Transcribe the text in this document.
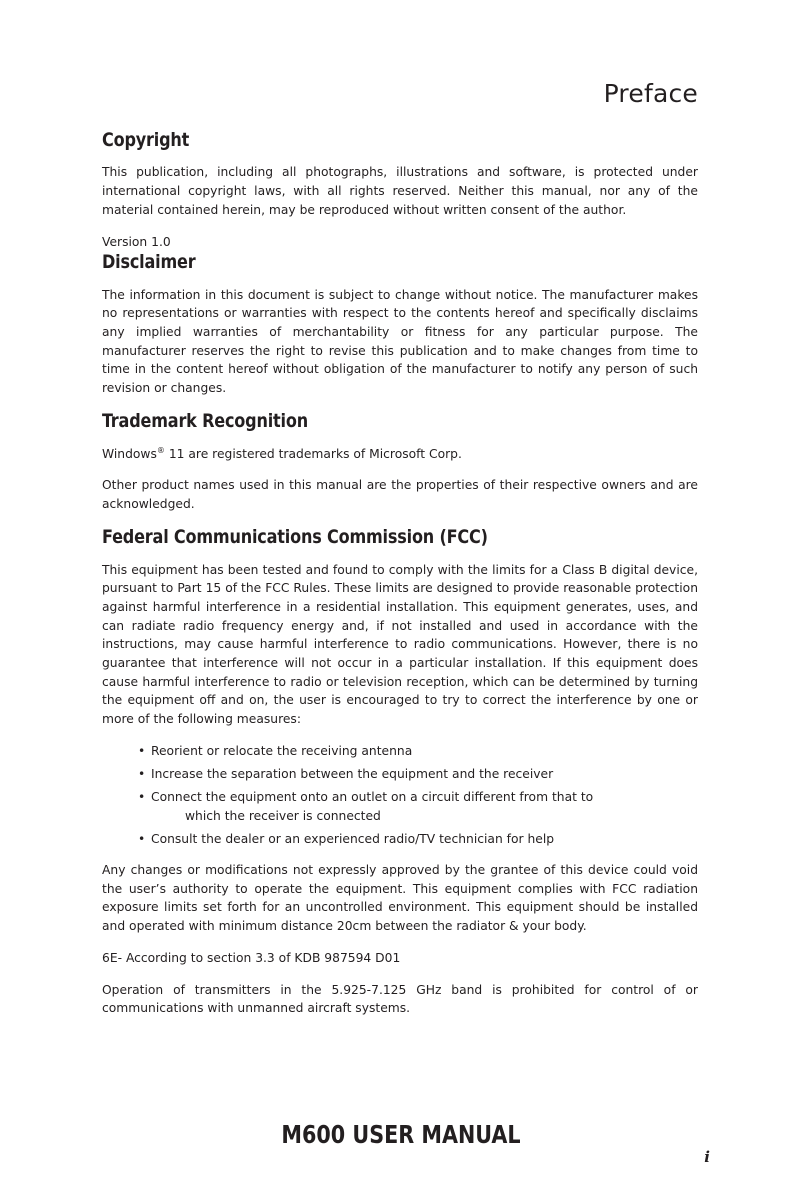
Preface
Copyright

This publication, including all photographs, illustrations and software, is protected under international copyright laws, with all rights reserved. Neither this manual, nor any of the material contained herein, may be reproduced without written consent of the author.

Version 1.0

Disclaimer

The information in this document is subject to change without notice. The manufacturer makes no representations or warranties with respect to the contents hereof and specifically disclaims any implied warranties of merchantability or fitness for any particular purpose. The manufacturer reserves the right to revise this publication and to make changes from time to time in the content hereof without obligation of the manufacturer to notify any person of such revision or changes.

Trademark Recognition

Windows® 11 are registered trademarks of Microsoft Corp.

Other product names used in this manual are the properties of their respective owners and are acknowledged.

Federal Communications Commission (FCC)

This equipment has been tested and found to comply with the limits for a Class B digital device, pursuant to Part 15 of the FCC Rules. These limits are designed to provide reasonable protection against harmful interference in a residential installation. This equipment generates, uses, and can radiate radio frequency energy and, if not installed and used in accordance with the instructions, may cause harmful interference to radio communications. However, there is no guarantee that interference will not occur in a particular installation. If this equipment does cause harmful interference to radio or television reception, which can be determined by turning the equipment off and on, the user is encouraged to try to correct the interference by one or more of the following measures:

• Reorient or relocate the receiving antenna
• Increase the separation between the equipment and the receiver
• Connect the equipment onto an outlet on a circuit different from that to
which the receiver is connected
• Consult the dealer or an experienced radio/TV technician for help

Any changes or modifications not expressly approved by the grantee of this device could void the user’s authority to operate the equipment. This equipment complies with FCC radiation exposure limits set forth for an uncontrolled environment. This equipment should be installed and operated with minimum distance 20cm between the radiator & your body.

6E- According to section 3.3 of KDB 987594 D01

Operation of transmitters in the 5.925-7.125 GHz band is prohibited for control of or communications with unmanned aircraft systems.

M600 USER MANUAL
i
